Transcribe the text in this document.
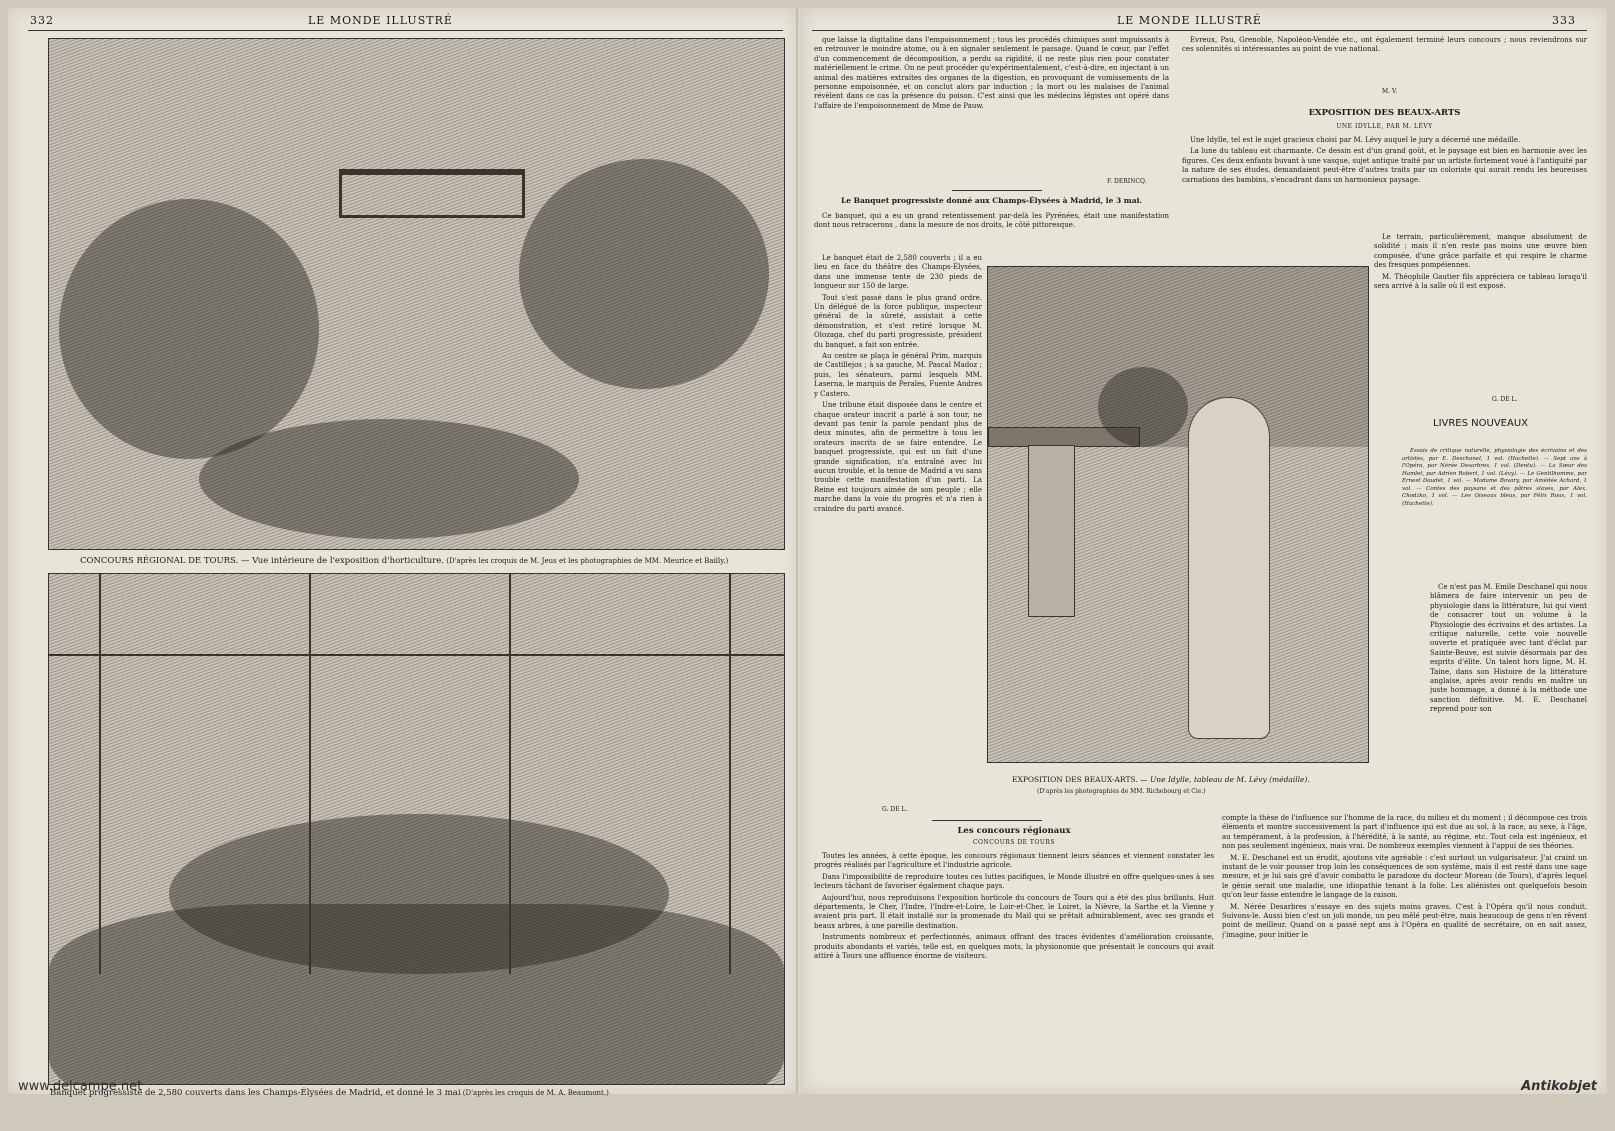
332	LE MONDE ILLUSTRÉ
CONCOURS RÉGIONAL DE TOURS. — Vue intérieure de l'exposition d'horticulture. (D'après les croquis de M. Jeus et les photographies de MM. Meurice et Bailly.)
Banquet progressiste de 2,580 couverts dans les Champs-Élysées de Madrid, et donné le 3 mai (D'après les croquis de M. A. Beaumont.)
www.delcampe.net
LE MONDE ILLUSTRÉ	333

que laisse la digitaline dans l'empoisonnement ; tous les procédés chimiques sont impuissants à en retrouver le moindre atome, ou à en signaler seulement le passage. Quand le cœur, par l'effet d'un commencement de décomposition, a perdu sa rigidité, il ne reste plus rien pour constater matériellement le crime. On ne peut procéder qu'expérimentalement, c'est-à-dire, en injectant à un animal des matières extraites des organes de la digestion, en provoquant de vomissements de la personne empoisonnée, et on conclut alors par induction ; la mort ou les malaises de l'animal révèlent dans ce cas la présence du poison. C'est ainsi que les médecins légistes ont opéré dans l'affaire de l'empoisonnement de Mme de Pauw.

F. DERINCQ.
Le Banquet progressiste donné aux Champs-Élysées à Madrid, le 3 mai.

Ce banquet, qui a eu un grand retentissement par-delà les Pyrénées, était une manifestation dont nous retracerons , dans la mesure de nos droits, le côté pittoresque.

Le banquet était de 2,580 couverts ; il a eu lieu en face du théâtre des Champs-Élysées, dans une immense tente de 230 pieds de longueur sur 150 de large.

Tout s'est passé dans le plus grand ordre. Un délégué de la force publique, inspecteur général de la sûreté, assistait à cette démonstration, et s'est retiré lorsque M. Olozaga, chef du parti progressiste, président du banquet, a fait son entrée.

Au centre se plaça le général Prim, marquis de Castillejos ; à sa gauche, M. Pascal Madoz ; puis, les sénateurs, parmi lesquels MM. Laserna, le marquis de Perales, Fuente Andres y Castero.

Une tribune était disposée dans le centre et chaque orateur inscrit a parlé à son tour, ne devant pas tenir la parole pendant plus de deux minutes, afin de permettre à tous les orateurs inscrits de se faire entendre. Le banquet progressiste, qui est un fait d'une grande signification, n'a entraîné avec lui aucun trouble, et la tenue de Madrid a vu sans trouble cette manifestation d'un parti. La Reine est toujours aimée de son peuple ; elle marche dans la voie du progrès et n'a rien à craindre du parti avancé.

G. DE L.

Evreux, Pau, Grenoble, Napoléon-Vendée etc., ont également terminé leurs concours ; nous reviendrons sur ces solennités si intéressantes au point de vue national.

M. V.
EXPOSITION DES BEAUX-ARTS
UNE IDYLLE, PAR M. LÉVY

Une Idylle, tel est le sujet gracieux choisi par M. Lévy auquel le jury a décerné une médaille.

La lune du tableau est charmante. Ce dessin est d'un grand goût, et le paysage est bien en harmonie avec les figures. Ces deux enfants buvant à une vasque, sujet antique traité par un artiste fortement voué à l'antiquité par la nature de ses études, demandaient peut-être d'autres traits par un coloriste qui aurait rendu les heureuses carnations des bambins, s'encadrant dans un harmonieux paysage.

Le terrain, particulièrement, manque absolument de solidité ; mais il n'en reste pas moins une œuvre bien composée, d'une grâce parfaite et qui respire le charme des fresques pompéiennes.

M. Théophile Gautier fils appréciera ce tableau lorsqu'il sera arrivé à la salle où il est exposé.

G. DE L.
LIVRES NOUVEAUX

Essais de critique naturelle, physiologie des écrivains et des artistes, par E. Deschanel, 1 vol. (Hachette). — Sept ans à l'Opéra, par Nérée Desarbres, 1 vol. (Dentu). — La Sœur des Hamlet, par Adrien Robert, 1 vol. (Lévy). — Le Gentilhomme, par Ernest Daudet, 1 vol. — Madame Bovary, par Amédée Achard, 1 vol. — Contes des paysans et des pâtres slaves, par Alex. Chodzko, 1 vol. — Les Oiseaux bleus, par Félix Roux, 1 vol. (Hachette).

Ce n'est pas M. Émile Deschanel qui nous blâmera de faire intervenir un peu de physiologie dans la littérature, lui qui vient de consacrer tout un volume à la Physiologie des écrivains et des artistes. La critique naturelle, cette voie nouvelle ouverte et pratiquée avec tant d'éclat par Sainte-Beuve, est suivie désormais par des esprits d'élite. Un talent hors ligne, M. H. Taine, dans son Histoire de la littérature anglaise, après avoir rendu en maître un juste hommage, a donné à la méthode une sanction définitive. M. E. Deschanel reprend pour son

EXPOSITION DES BEAUX-ARTS. — Une Idylle, tableau de M. Lévy (médaille).
(D'après les photographies de MM. Richebourg et Cie.)
Les concours régionaux
CONCOURS DE TOURS

Toutes les années, à cette époque, les concours régionaux tiennent leurs séances et viennent constater les progrès réalisés par l'agriculture et l'industrie agricole.

Dans l'impossibilité de reproduire toutes ces luttes pacifiques, le Monde illustré en offre quelques-unes à ses lecteurs tâchant de favoriser également chaque pays.

Aujourd'hui, nous reproduisons l'exposition horticole du concours de Tours qui a été des plus brillants. Huit départements, le Cher, l'Indre, l'Indre-et-Loire, le Loir-et-Cher, le Loiret, la Nièvre, la Sarthe et la Vienne y avaient pris part. Il était installé sur la promenade du Mail qui se prêtait admirablement, avec ses grands et beaux arbres, à une pareille destination.

Instruments nombreux et perfectionnés, animaux offrant des traces évidentes d'amélioration croissante, produits abondants et variés, telle est, en quelques mots, la physionomie que présentait le concours qui avait attiré à Tours une affluence énorme de visiteurs.

compte la thèse de l'influence sur l'homme de la race, du milieu et du moment ; il décompose ces trois éléments et montre successivement la part d'influence qui est due au sol, à la race, au sexe, à l'âge, au tempérament, à la profession, à l'hérédité, à la santé, au régime, etc. Tout cela est ingénieux, et non pas seulement ingénieux, mais vrai. De nombreux exemples viennent à l'appui de ses théories.

M. E. Deschanel est un érudit, ajoutons vite agréable : c'est surtout un vulgarisateur. J'ai craint un instant de le voir pousser trop loin les conséquences de son système, mais il est resté dans une sage mesure, et je lui sais gré d'avoir combattu le paradoxe du docteur Moreau (de Tours), d'après lequel le génie serait une maladie, une idiopathie tenant à la folie. Les aliénistes ont quelquefois besoin qu'on leur fasse entendre le langage de la raison.

M. Nérée Desarbres s'essaye en des sujets moins graves. C'est à l'Opéra qu'il nous conduit. Suivons-le. Aussi bien c'est un joli monde, un peu mêlé peut-être, mais beaucoup de gens n'en rêvent point de meilleur. Quand on a passé sept ans à l'Opéra en qualité de secrétaire, on en sait assez, j'imagine, pour initier le

Antikobjet
